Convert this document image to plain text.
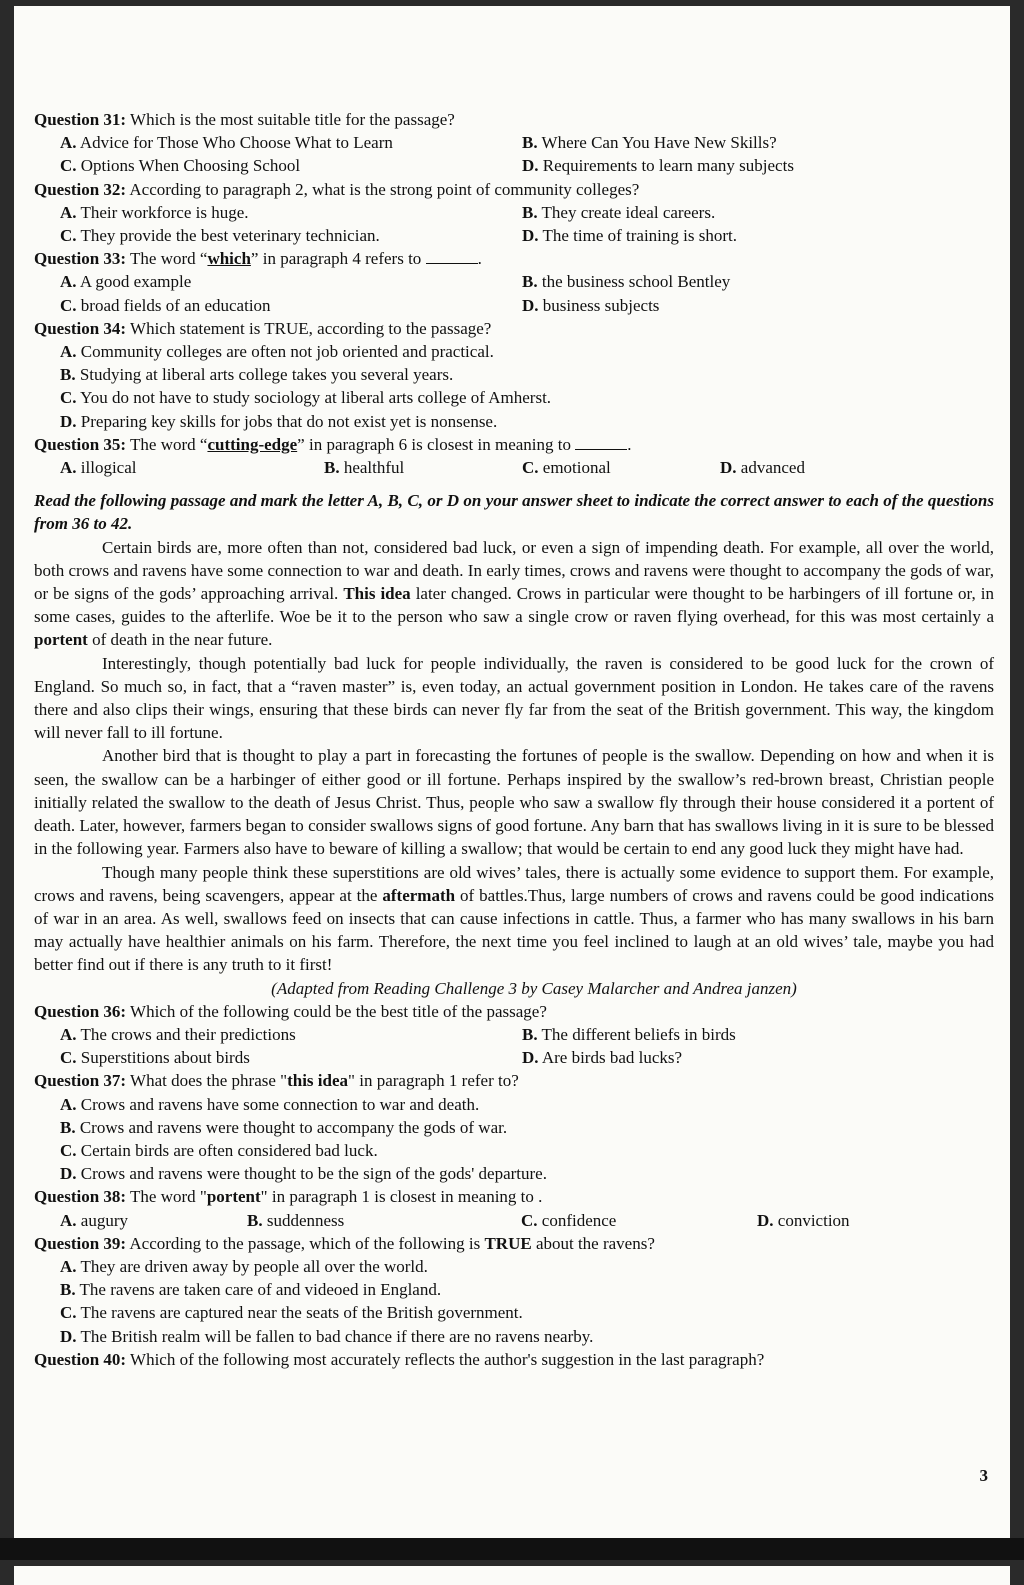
Question 31: Which is the most suitable title for the passage?
A. Advice for Those Who Choose What to Learn	B. Where Can You Have New Skills?
C. Options When Choosing School	D. Requirements to learn many subjects
Question 32: According to paragraph 2, what is the strong point of community colleges?
A. Their workforce is huge.	B. They create ideal careers.
C. They provide the best veterinary technician.	D. The time of training is short.
Question 33: The word “which” in paragraph 4 refers to	.
A. A good example	B. the business school Bentley
C. broad fields of an education	D. business subjects
Question 34: Which statement is TRUE, according to the passage?
A. Community colleges are often not job oriented and practical.
B. Studying at liberal arts college takes you several years.
C. You do not have to study sociology at liberal arts college of Amherst.
D. Preparing key skills for jobs that do not exist yet is nonsense.
Question 35: The word “cutting-edge” in paragraph 6 is closest in meaning to	.
A. illogical	B. healthful	C. emotional	D. advanced
Read the following passage and mark the letter A, B, C, or D on your answer sheet to indicate the correct answer to each of the questions from 36 to 42.
Certain birds are, more often than not, considered bad luck, or even a sign of impending death. For example, all over the world, both crows and ravens have some connection to war and death. In early times, crows and ravens were thought to accompany the gods of war, or be signs of the gods’ approaching arrival. This idea later changed. Crows in particular were thought to be harbingers of ill fortune or, in some cases, guides to the afterlife. Woe be it to the person who saw a single crow or raven flying overhead, for this was most certainly a portent of death in the near future.
Interestingly, though potentially bad luck for people individually, the raven is considered to be good luck for the crown of England. So much so, in fact, that a “raven master” is, even today, an actual government position in London. He takes care of the ravens there and also clips their wings, ensuring that these birds can never fly far from the seat of the British government. This way, the kingdom will never fall to ill fortune.
Another bird that is thought to play a part in forecasting the fortunes of people is the swallow. Depending on how and when it is seen, the swallow can be a harbinger of either good or ill fortune. Perhaps inspired by the swallow’s red-brown breast, Christian people initially related the swallow to the death of Jesus Christ. Thus, people who saw a swallow fly through their house considered it a portent of death. Later, however, farmers began to consider swallows signs of good fortune. Any barn that has swallows living in it is sure to be blessed in the following year. Farmers also have to beware of killing a swallow; that would be certain to end any good luck they might have had.
Though many people think these superstitions are old wives’ tales, there is actually some evidence to support them. For example, crows and ravens, being scavengers, appear at the aftermath of battles.Thus, large numbers of crows and ravens could be good indications of war in an area. As well, swallows feed on insects that can cause infections in cattle. Thus, a farmer who has many swallows in his barn may actually have healthier animals on his farm. Therefore, the next time you feel inclined to laugh at an old wives’ tale, maybe you had better find out if there is any truth to it first!
(Adapted from Reading Challenge 3 by Casey Malarcher and Andrea janzen)
Question 36: Which of the following could be the best title of the passage?
A. The crows and their predictions	B. The different beliefs in birds
C. Superstitions about birds	D. Are birds bad lucks?
Question 37: What does the phrase "this idea" in paragraph 1 refer to?
A. Crows and ravens have some connection to war and death.
B. Crows and ravens were thought to accompany the gods of war.
C. Certain birds are often considered bad luck.
D. Crows and ravens were thought to be the sign of the gods' departure.
Question 38: The word "portent" in paragraph 1 is closest in meaning to .
A. augury	B. suddenness	C. confidence	D. conviction
Question 39: According to the passage, which of the following is TRUE about the ravens?
A. They are driven away by people all over the world.
B. The ravens are taken care of and videoed in England.
C. The ravens are captured near the seats of the British government.
D. The British realm will be fallen to bad chance if there are no ravens nearby.
Question 40: Which of the following most accurately reflects the author's suggestion in the last paragraph?
3
